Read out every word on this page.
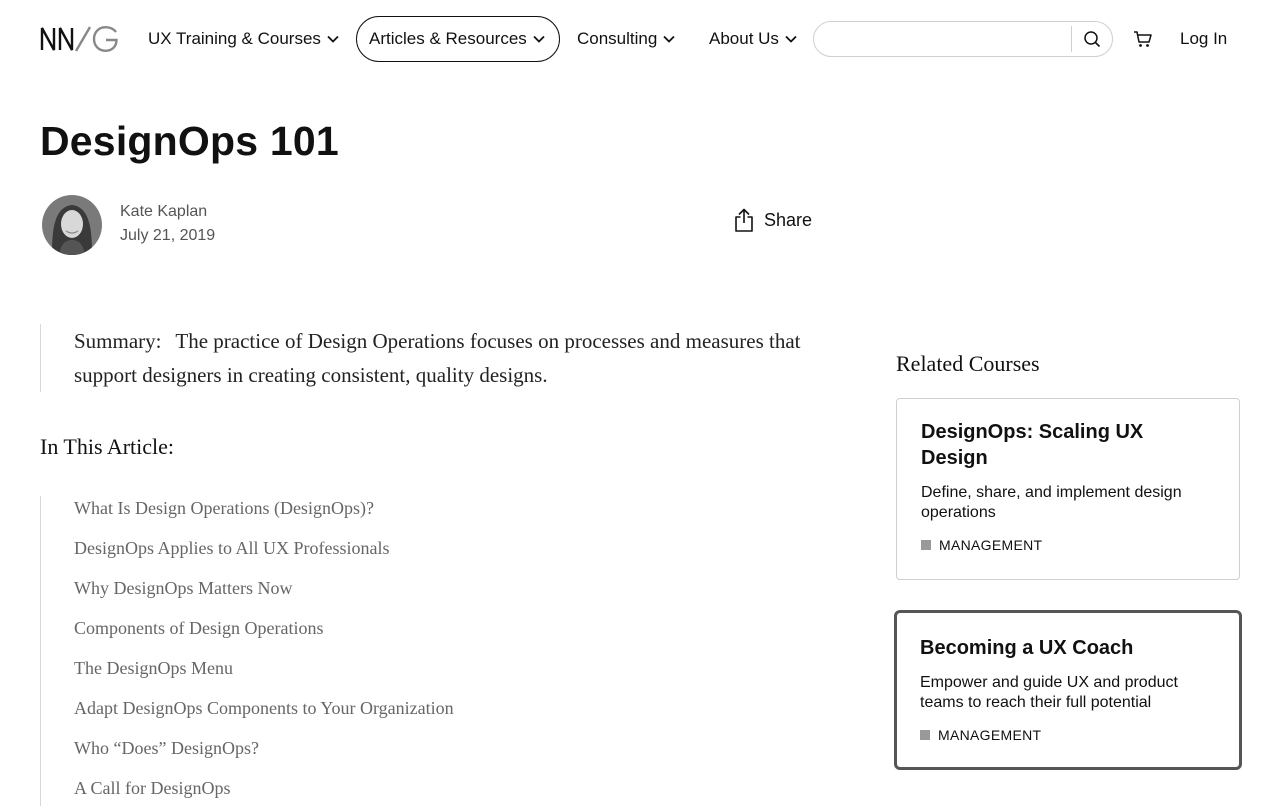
UX Training & Courses	Articles & Resources	Consulting	About Us	Log In
DesignOps 101
Kate Kaplan
July 21, 2019
Share
Summary: The practice of Design Operations focuses on processes and measures that support designers in creating consistent, quality designs.
In This Article:
What Is Design Operations (DesignOps)?
DesignOps Applies to All UX Professionals
Why DesignOps Matters Now
Components of Design Operations
The DesignOps Menu
Adapt DesignOps Components to Your Organization
Who “Does” DesignOps?
A Call for DesignOps
Related Courses

DesignOps: Scaling UX Design

Define, share, and implement design operations

MANAGEMENT

Becoming a UX Coach

Empower and guide UX and product teams to reach their full potential

MANAGEMENT
